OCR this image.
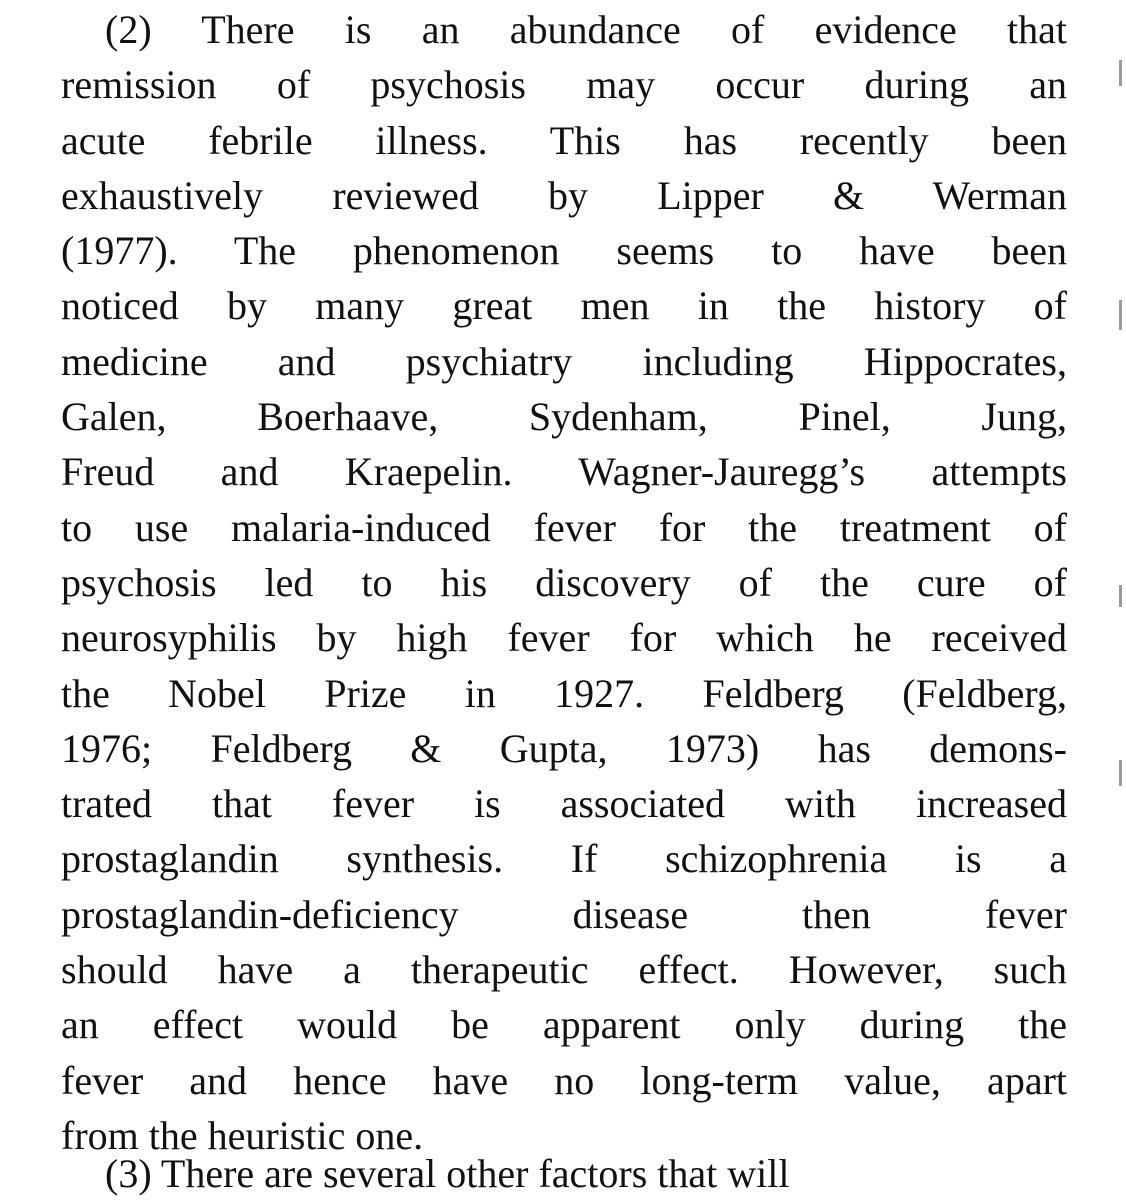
(2) There is an abundance of evidence that
remission of psychosis may occur during an
acute febrile illness. This has recently been
exhaustively reviewed by Lipper & Werman
(1977). The phenomenon seems to have been
noticed by many great men in the history of
medicine and psychiatry including Hippocrates,
Galen, Boerhaave, Sydenham, Pinel, Jung,
Freud and Kraepelin. Wagner-Jauregg’s attempts
to use malaria-induced fever for the treatment of
psychosis led to his discovery of the cure of
neurosyphilis by high fever for which he received
the Nobel Prize in 1927. Feldberg (Feldberg,
1976; Feldberg & Gupta, 1973) has demons-
trated that fever is associated with increased
prostaglandin synthesis. If schizophrenia is a
prostaglandin-deficiency disease then fever
should have a therapeutic effect. However, such
an effect would be apparent only during the
fever and hence have no long-term value, apart
from the heuristic one.
(3) There are several other factors that will
